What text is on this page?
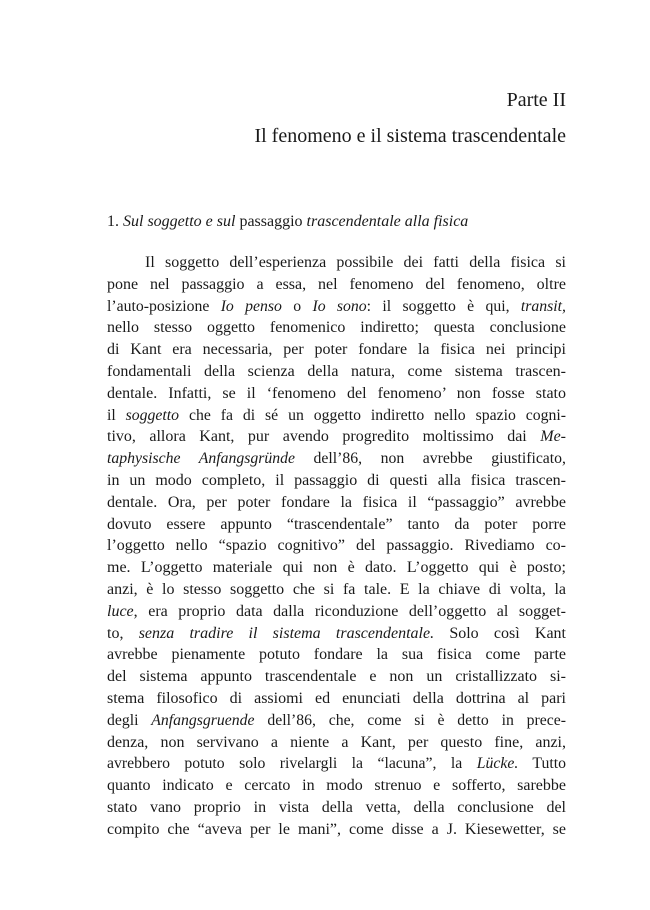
Parte II
Il fenomeno e il sistema trascendentale
1. Sul soggetto e sul passaggio trascendentale alla fisica
Il soggetto dell’esperienza possibile dei fatti della fisica si
pone nel passaggio a essa, nel fenomeno del fenomeno, oltre
l’auto-posizione Io penso o Io sono: il soggetto è qui, transit,
nello stesso oggetto fenomenico indiretto; questa conclusione
di Kant era necessaria, per poter fondare la fisica nei principi
fondamentali della scienza della natura, come sistema trascen-
dentale. Infatti, se il ‘fenomeno del fenomeno’ non fosse stato
il soggetto che fa di sé un oggetto indiretto nello spazio cogni-
tivo, allora Kant, pur avendo progredito moltissimo dai Me-
taphysische Anfangsgründe dell’86, non avrebbe giustificato,
in un modo completo, il passaggio di questi alla fisica trascen-
dentale. Ora, per poter fondare la fisica il “passaggio” avrebbe
dovuto essere appunto “trascendentale” tanto da poter porre
l’oggetto nello “spazio cognitivo” del passaggio. Rivediamo co-
me. L’oggetto materiale qui non è dato. L’oggetto qui è posto;
anzi, è lo stesso soggetto che si fa tale. E la chiave di volta, la
luce, era proprio data dalla riconduzione dell’oggetto al sogget-
to, senza tradire il sistema trascendentale. Solo così Kant
avrebbe pienamente potuto fondare la sua fisica come parte
del sistema appunto trascendentale e non un cristallizzato si-
stema filosofico di assiomi ed enunciati della dottrina al pari
degli Anfangsgruende dell’86, che, come si è detto in prece-
denza, non servivano a niente a Kant, per questo fine, anzi,
avrebbero potuto solo rivelargli la “lacuna”, la Lücke. Tutto
quanto indicato e cercato in modo strenuo e sofferto, sarebbe
stato vano proprio in vista della vetta, della conclusione del
compito che “aveva per le mani”, come disse a J. Kiesewetter, se
